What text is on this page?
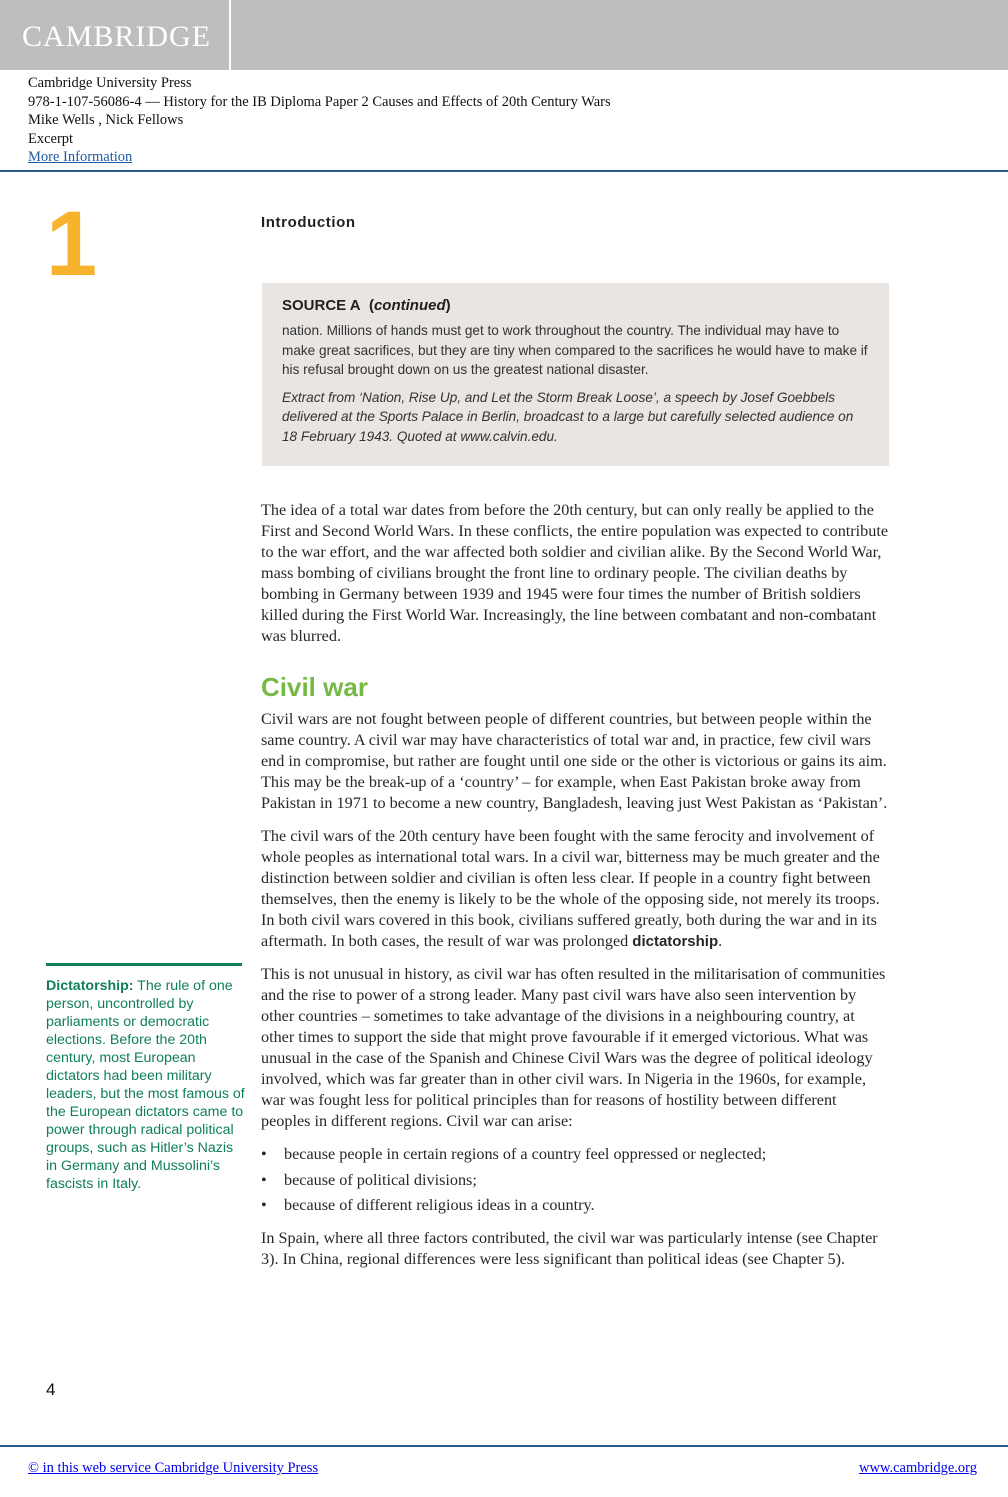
CAMBRIDGE
Cambridge University Press
978-1-107-56086-4 — History for the IB Diploma Paper 2 Causes and Effects of 20th Century Wars
Mike Wells , Nick Fellows
Excerpt
More Information
1	Introduction
SOURCE A  (continued)

nation. Millions of hands must get to work throughout the country. The individual may have to make great sacrifices, but they are tiny when compared to the sacrifices he would have to make if his refusal brought down on us the greatest national disaster.

Extract from ‘Nation, Rise Up, and Let the Storm Break Loose’, a speech by Josef Goebbels delivered at the Sports Palace in Berlin, broadcast to a large but carefully selected audience on 18 February 1943. Quoted at www.calvin.edu.

The idea of a total war dates from before the 20th century, but can only really be applied to the First and Second World Wars. In these conflicts, the entire population was expected to contribute to the war effort, and the war affected both soldier and civilian alike. By the Second World War, mass bombing of civilians brought the front line to ordinary people. The civilian deaths by bombing in Germany between 1939 and 1945 were four times the number of British soldiers killed during the First World War. Increasingly, the line between combatant and non-combatant was blurred.

Civil war

Civil wars are not fought between people of different countries, but between people within the same country. A civil war may have characteristics of total war and, in practice, few civil wars end in compromise, but rather are fought until one side or the other is victorious or gains its aim. This may be the break-up of a ‘country’ – for example, when East Pakistan broke away from Pakistan in 1971 to become a new country, Bangladesh, leaving just West Pakistan as ‘Pakistan’.

The civil wars of the 20th century have been fought with the same ferocity and involvement of whole peoples as international total wars. In a civil war, bitterness may be much greater and the distinction between soldier and civilian is often less clear. If people in a country fight between themselves, then the enemy is likely to be the whole of the opposing side, not merely its troops. In both civil wars covered in this book, civilians suffered greatly, both during the war and in its aftermath. In both cases, the result of war was prolonged dictatorship.

This is not unusual in history, as civil war has often resulted in the militarisation of communities and the rise to power of a strong leader. Many past civil wars have also seen intervention by other countries – sometimes to take advantage of the divisions in a neighbouring country, at other times to support the side that might prove favourable if it emerged victorious. What was unusual in the case of the Spanish and Chinese Civil Wars was the degree of political ideology involved, which was far greater than in other civil wars. In Nigeria in the 1960s, for example, war was fought less for political principles than for reasons of hostility between different peoples in different regions. Civil war can arise:

• because people in certain regions of a country feel oppressed or neglected;
• because of political divisions;
• because of different religious ideas in a country.

In Spain, where all three factors contributed, the civil war was particularly intense (see Chapter 3). In China, regional differences were less significant than political ideas (see Chapter 5).

Dictatorship: The rule of one person, uncontrolled by parliaments or democratic elections. Before the 20th century, most European dictators had been military leaders, but the most famous of the European dictators came to power through radical political groups, such as Hitler’s Nazis in Germany and Mussolini’s fascists in Italy.
4
© in this web service Cambridge University Press	www.cambridge.org
